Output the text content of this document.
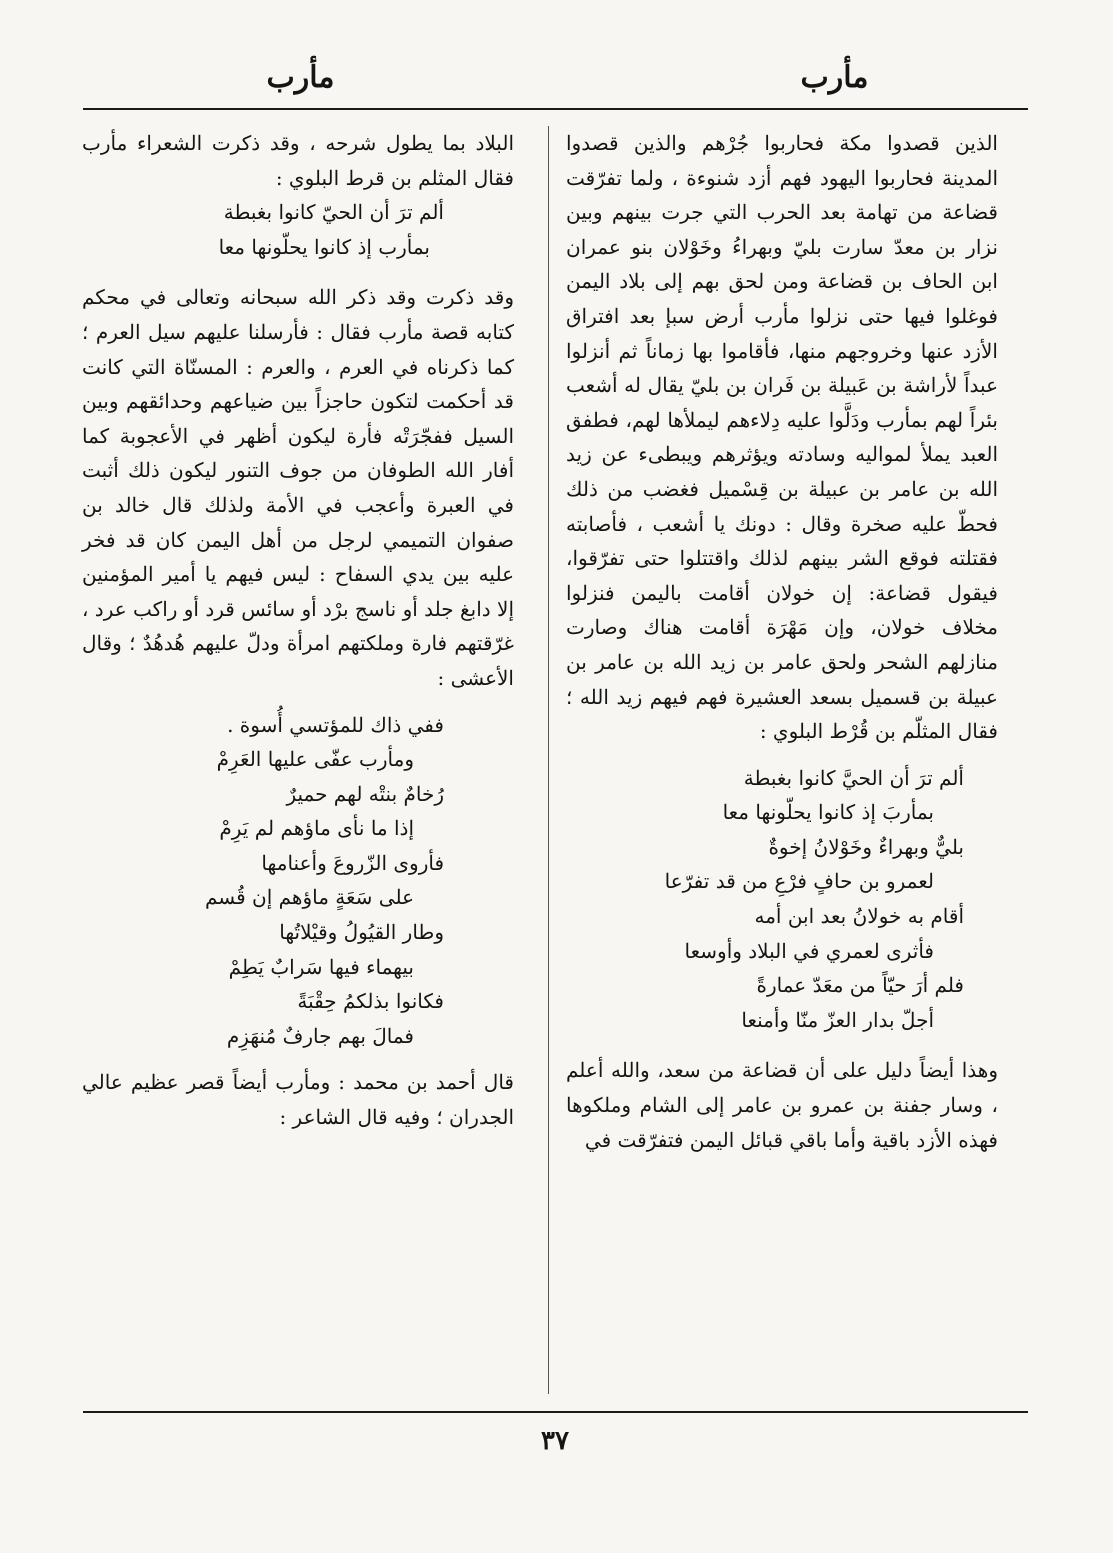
مأرب
مأرب

الذين قصدوا مكة فحاربوا جُرْهم والذين قصدوا المدينة فحاربوا اليهود فهم أزد شنوءة ، ولما تفرّقت قضاعة من تهامة بعد الحرب التي جرت بينهم وبين نزار بن معدّ سارت بليّ وبهراءُ وخَوْلان بنو عمران ابن الحاف بن قضاعة ومن لحق بهم إلى بلاد اليمن فوغلوا فيها حتى نزلوا مأرب أرض سبإ بعد افتراق الأزد عنها وخروجهم منها، فأقاموا بها زماناً ثم أنزلوا عبداً لأراشة بن عَبيلة بن فَران بن بليّ يقال له أشعب بئراً لهم بمأرب ودَلَّوا عليه دِلاءهم ليملأها لهم، فطفق العبد يملأ لمواليه وسادته ويؤثرهم ويبطىء عن زيد الله بن عامر بن عبيلة بن قِسْميل فغضب من ذلك فحطّ عليه صخرة وقال : دونك يا أشعب ، فأصابته فقتلته فوقع الشر بينهم لذلك واقتتلوا حتى تفرّقوا، فيقول قضاعة: إن خولان أقامت باليمن فنزلوا مخلاف خولان، وإن مَهْرَة أقامت هناك وصارت منازلهم الشحر ولحق عامر بن زيد الله بن عامر بن عبيلة بن قسميل بسعد العشيرة فهم فيهم زيد الله ؛ فقال المثلّم بن قُرْط البلوي :

ألم ترَ أن الحيَّ كانوا بغبطة
بمأربَ إذ كانوا يحلّونها معا
بليٌّ وبهراءٌ وخَوْلانُ إخوةٌ
لعمرو بن حافٍ فرْعِ من قد تفرّعا
أقام به خولانُ بعد ابن أمه
فأثرى لعمري في البلاد وأوسعا
فلم أرَ حيّاً من معَدّ عمارةً
أجلّ بدار العزّ منّا وأمنعا

وهذا أيضاً دليل على أن قضاعة من سعد، والله أعلم ، وسار جفنة بن عمرو بن عامر إلى الشام وملكوها فهذه الأزد باقية وأما باقي قبائل اليمن فتفرّقت في

البلاد بما يطول شرحه ، وقد ذكرت الشعراء مأرب فقال المثلم بن قرط البلوي :

ألم ترَ أن الحيّ كانوا بغبطة
بمأرب إذ كانوا يحلّونها معا

وقد ذكرت وقد ذكر الله سبحانه وتعالى في محكم كتابه قصة مأرب فقال : فأرسلنا عليهم سيل العرم ؛ كما ذكرناه في العرم ، والعرم : المسنّاة التي كانت قد أحكمت لتكون حاجزاً بين ضياعهم وحدائقهم وبين السيل ففجّرَتْه فأرة ليكون أظهر في الأعجوبة كما أفار الله الطوفان من جوف التنور ليكون ذلك أثبت في العبرة وأعجب في الأمة ولذلك قال خالد بن صفوان التميمي لرجل من أهل اليمن كان قد فخر عليه بين يدي السفاح : ليس فيهم يا أمير المؤمنين إلا دابغ جلد أو ناسج برْد أو سائس قرد أو راكب عرد ، غرّقتهم فارة وملكتهم امرأة ودلّ عليهم هُدهُدٌ ؛ وقال الأعشى :

ففي ذاك للمؤتسي أُسوة .
ومأرب عفّى عليها العَرِمْ
رُخامٌ بنتْه لهم حميرٌ
إذا ما نأى ماؤهم لم يَرِمْ
فأروى الزّروعَ وأعنامها
على سَعَةٍ ماؤهم إن قُسم
وطار القيُولُ وقيْلاتُها
بيهماء فيها سَرابٌ يَطِمْ
فكانوا بذلكمُ حِقْبَةً
فمالَ بهم جارفٌ مُنهَزِم

قال أحمد بن محمد : ومأرب أيضاً قصر عظيم عالي الجدران ؛ وفيه قال الشاعر :

٣٧
